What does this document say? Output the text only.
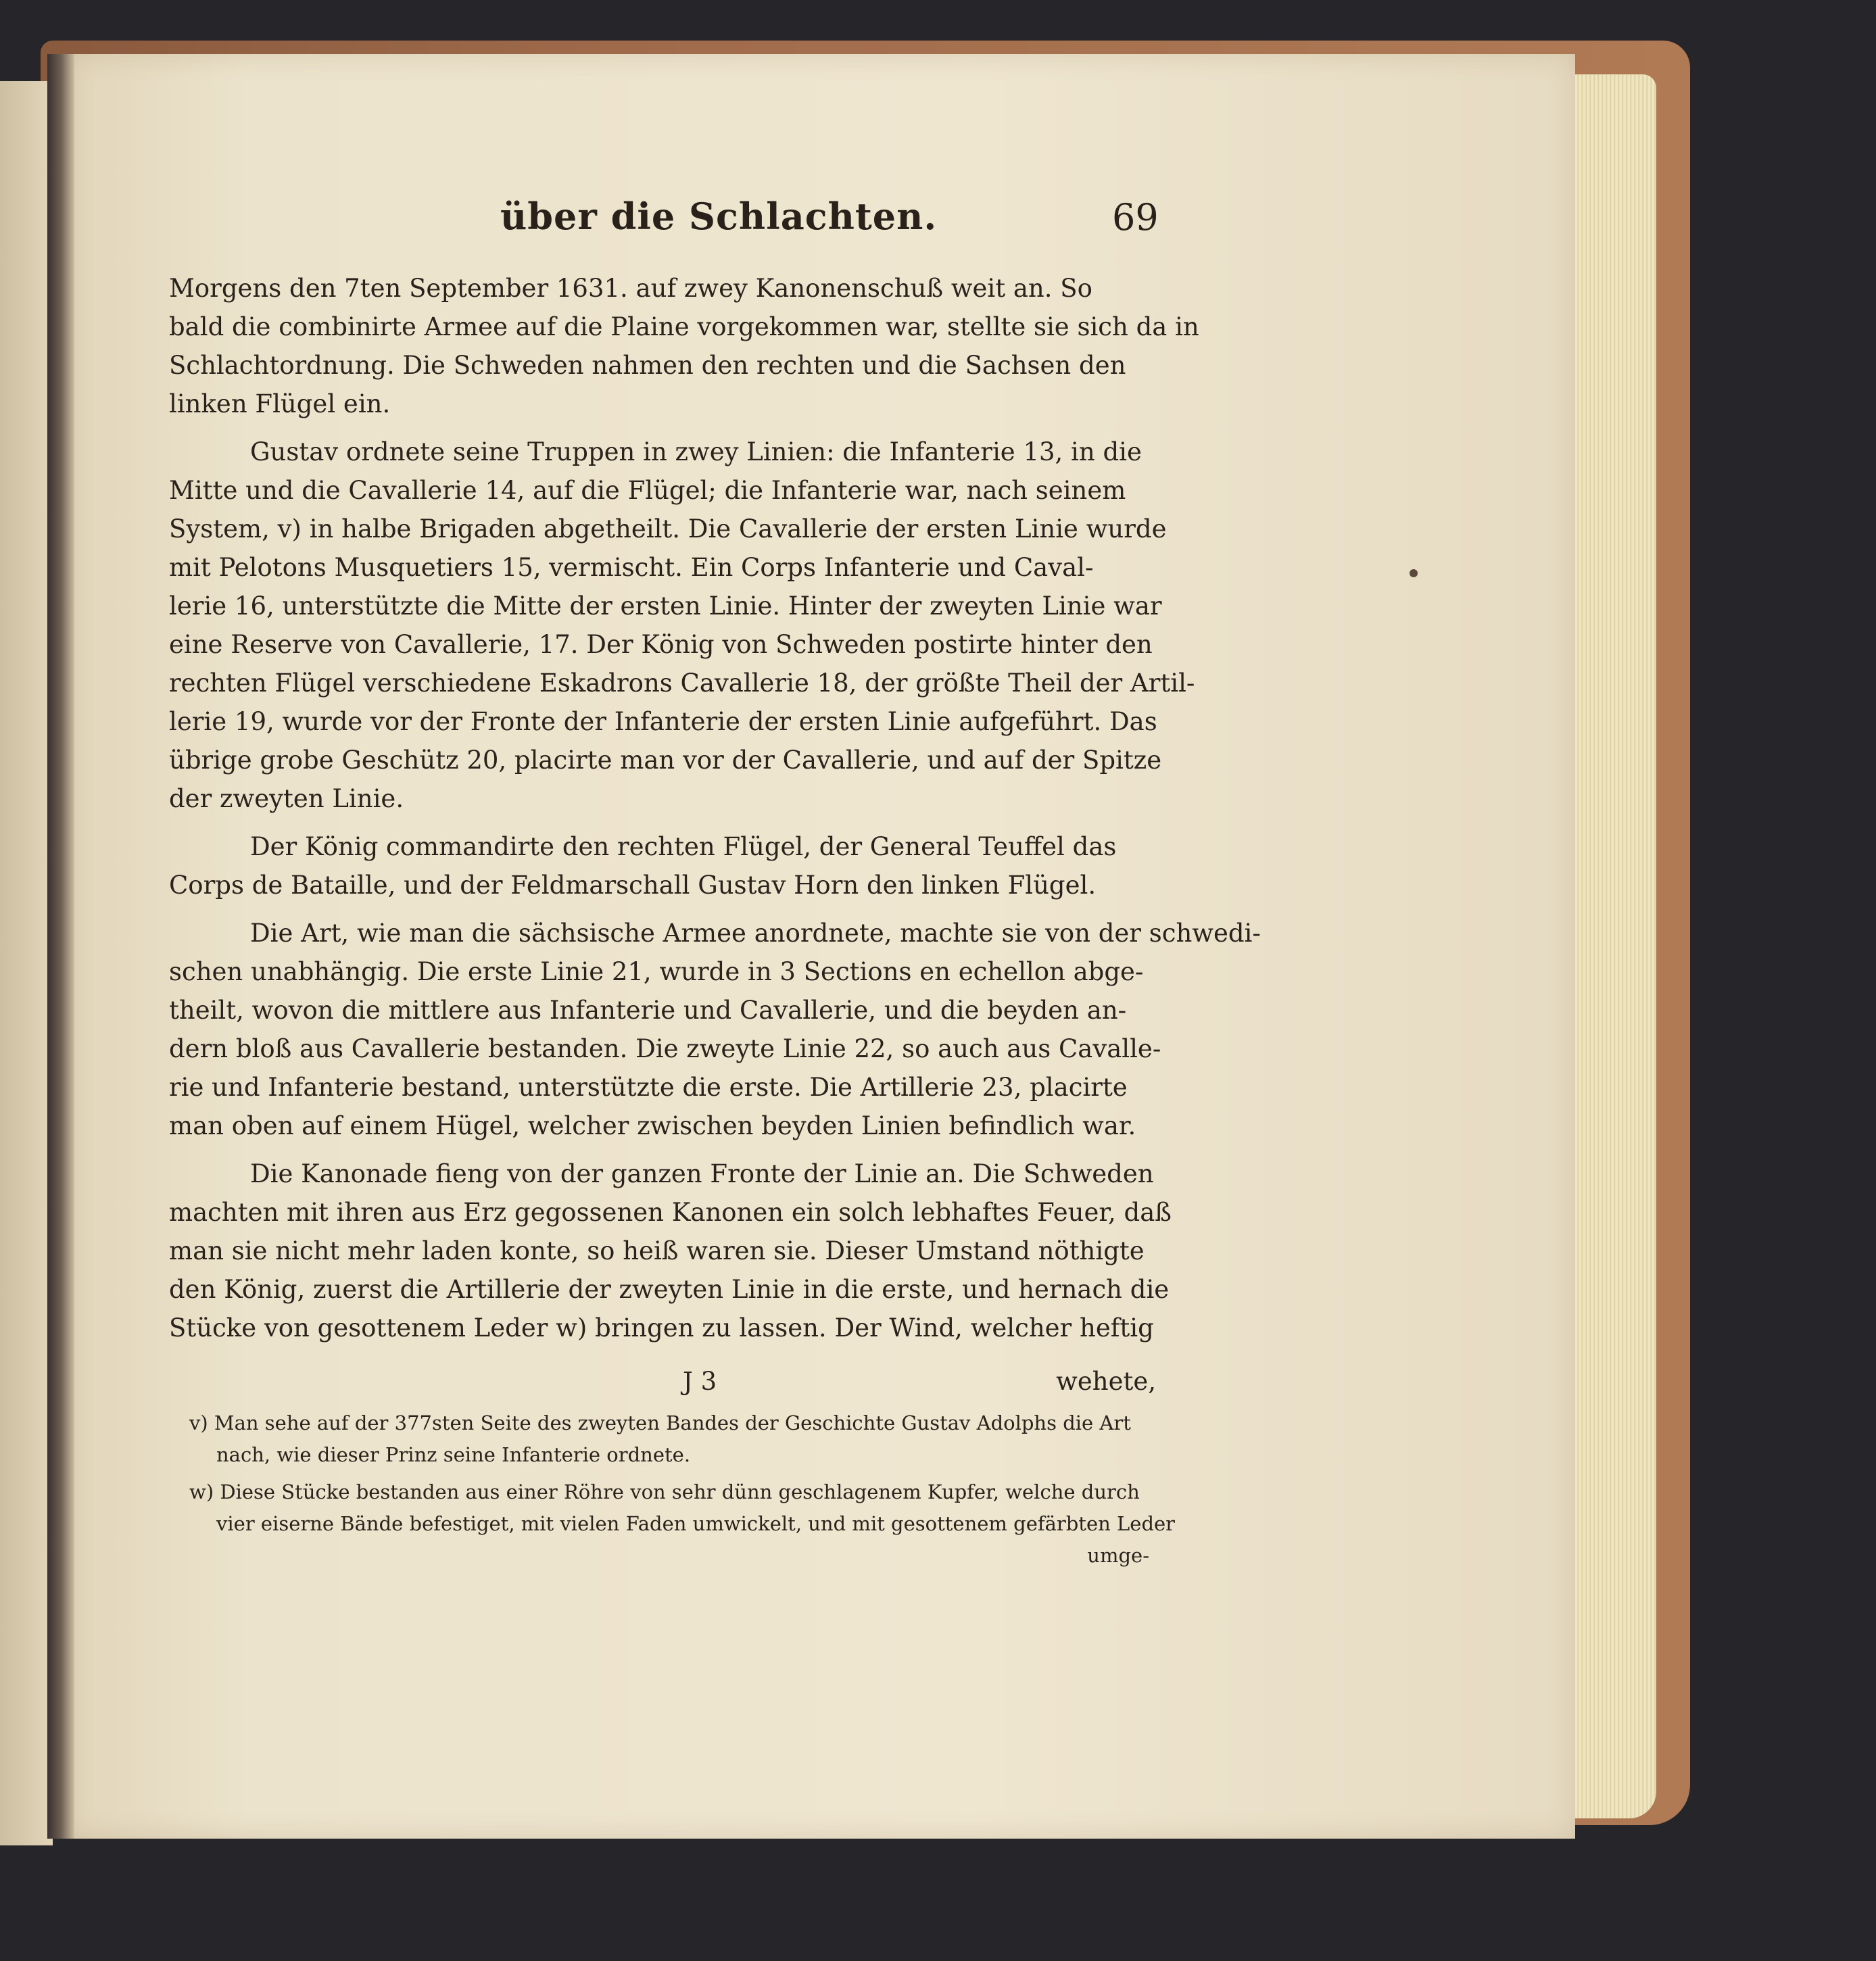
über die Schlachten.	69
Morgens den 7ten September 1631. auf zwey Kanonenschuß weit an. So
bald die combinirte Armee auf die Plaine vorgekommen war, stellte sie sich da in
Schlachtordnung. Die Schweden nahmen den rechten und die Sachsen den
linken Flügel ein.
Gustav ordnete seine Truppen in zwey Linien: die Infanterie 13, in die
Mitte und die Cavallerie 14, auf die Flügel; die Infanterie war, nach seinem
System, v) in halbe Brigaden abgetheilt. Die Cavallerie der ersten Linie wurde
mit Pelotons Musquetiers 15, vermischt. Ein Corps Infanterie und Caval-
lerie 16, unterstützte die Mitte der ersten Linie. Hinter der zweyten Linie war
eine Reserve von Cavallerie, 17. Der König von Schweden postirte hinter den
rechten Flügel verschiedene Eskadrons Cavallerie 18, der größte Theil der Artil-
lerie 19, wurde vor der Fronte der Infanterie der ersten Linie aufgeführt. Das
übrige grobe Geschütz 20, placirte man vor der Cavallerie, und auf der Spitze
der zweyten Linie.
Der König commandirte den rechten Flügel, der General Teuffel das
Corps de Bataille, und der Feldmarschall Gustav Horn den linken Flügel.
Die Art, wie man die sächsische Armee anordnete, machte sie von der schwedi-
schen unabhängig. Die erste Linie 21, wurde in 3 Sections en echellon abge-
theilt, wovon die mittlere aus Infanterie und Cavallerie, und die beyden an-
dern bloß aus Cavallerie bestanden. Die zweyte Linie 22, so auch aus Cavalle-
rie und Infanterie bestand, unterstützte die erste. Die Artillerie 23, placirte
man oben auf einem Hügel, welcher zwischen beyden Linien befindlich war.
Die Kanonade fieng von der ganzen Fronte der Linie an. Die Schweden
machten mit ihren aus Erz gegossenen Kanonen ein solch lebhaftes Feuer, daß
man sie nicht mehr laden konte, so heiß waren sie. Dieser Umstand nöthigte
den König, zuerst die Artillerie der zweyten Linie in die erste, und hernach die
Stücke von gesottenem Leder w) bringen zu lassen. Der Wind, welcher heftig
J 3	wehete,
v) Man sehe auf der 377sten Seite des zweyten Bandes der Geschichte Gustav Adolphs die Art
nach, wie dieser Prinz seine Infanterie ordnete.
w) Diese Stücke bestanden aus einer Röhre von sehr dünn geschlagenem Kupfer, welche durch
vier eiserne Bände befestiget, mit vielen Faden umwickelt, und mit gesottenem gefärbten Leder
umge-
